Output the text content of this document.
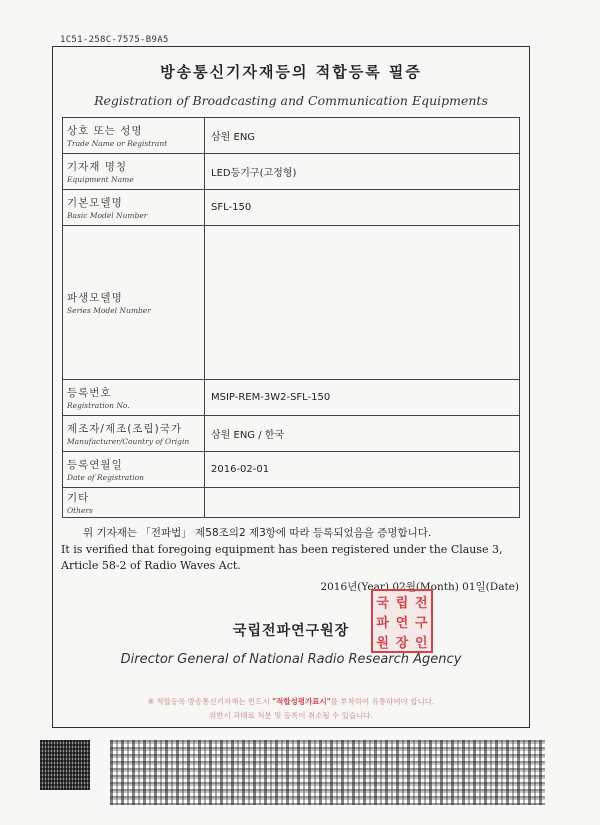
1C51-258C-7575-B9A5
방송통신기자재등의 적합등록 필증
Registration of Broadcasting and Communication Equipments
상호 또는 성명
Trade Name or Registrant	삼원 ENG

기자재 명칭
Equipment Name	LED등기구(고정형)

기본모델명
Basic Model Number	SFL-150

파생모델명
Series Model Number	

등록번호
Registration No.	MSIP-REM-3W2-SFL-150

제조자/제조(조립)국가
Manufacturer/Country of Origin	삼원 ENG / 한국

등록연월일
Date of Registration	2016-02-01

기타
Others	

위 기자재는 「전파법」 제58조의2 제3항에 따라 등록되었음을 증명합니다.
It is verified that foregoing equipment has been registered under the Clause 3,
Article 58-2 of Radio Waves Act.
2016년(Year) 02월(Month) 01일(Date)
국립전파연구원장
국 립 전
파 연 구
원 장 인
Director General of National Radio Research Agency
※ 적합등록 방송통신기자재는 반드시 "적합성평가표시"를 부착하여 유통하여야 합니다.
위반시 과태료 처분 및 등록이 취소될 수 있습니다.
